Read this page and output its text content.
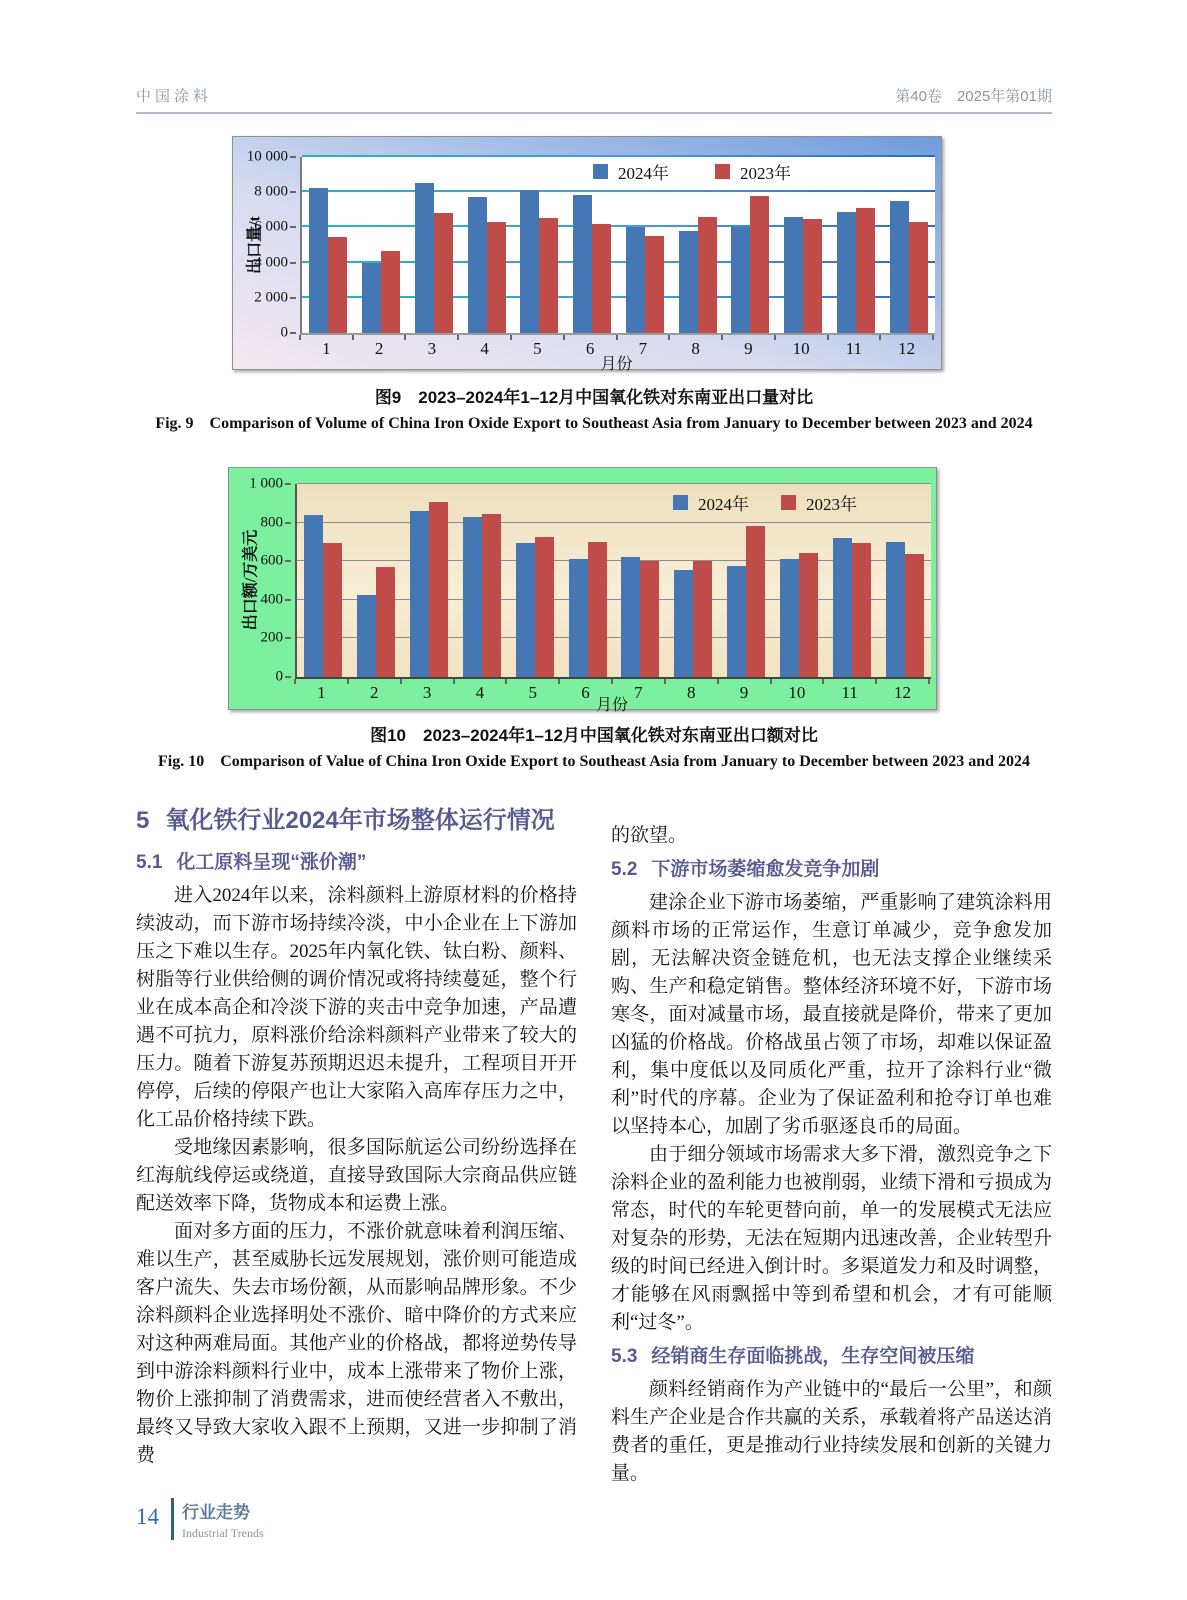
中国涂料	第40卷　2025年第01期
0
2 000
4 000
6 000
8 000
10 000
出口量/t
1	2	3	4	5	6	7	8	9	10	11	12
月份
2024年	2023年

图9　2023–2024年1–12月中国氧化铁对东南亚出口量对比

Fig. 9　Comparison of Volume of China Iron Oxide Export to Southeast Asia from January to December between 2023 and 2024

0
200
400
600
800
1 000
出口额/万美元
1	2	3	4	5	6	7	8	9	10	11	12
月份
2024年	2023年

图10　2023–2024年1–12月中国氧化铁对东南亚出口额对比

Fig. 10　Comparison of Value of China Iron Oxide Export to Southeast Asia from January to December between 2023 and 2024

5 氧化铁行业2024年市场整体运行情况
5.1 化工原料呈现“涨价潮”

进入2024年以来，涂料颜料上游原材料的价格持续波动，而下游市场持续冷淡，中小企业在上下游加压之下难以生存。2025年内氧化铁、钛白粉、颜料、树脂等行业供给侧的调价情况或将持续蔓延，整个行业在成本高企和冷淡下游的夹击中竞争加速，产品遭遇不可抗力，原料涨价给涂料颜料产业带来了较大的压力。随着下游复苏预期迟迟未提升，工程项目开开停停，后续的停限产也让大家陷入高库存压力之中，化工品价格持续下跌。

受地缘因素影响，很多国际航运公司纷纷选择在红海航线停运或绕道，直接导致国际大宗商品供应链配送效率下降，货物成本和运费上涨。

面对多方面的压力，不涨价就意味着利润压缩、难以生产，甚至威胁长远发展规划，涨价则可能造成客户流失、失去市场份额，从而影响品牌形象。不少涂料颜料企业选择明处不涨价、暗中降价的方式来应对这种两难局面。其他产业的价格战，都将逆势传导到中游涂料颜料行业中，成本上涨带来了物价上涨，物价上涨抑制了消费需求，进而使经营者入不敷出，最终又导致大家收入跟不上预期，又进一步抑制了消费

的欲望。

5.2 下游市场萎缩愈发竞争加剧

建涂企业下游市场萎缩，严重影响了建筑涂料用颜料市场的正常运作，生意订单减少，竞争愈发加剧，无法解决资金链危机，也无法支撑企业继续采购、生产和稳定销售。整体经济环境不好，下游市场寒冬，面对减量市场，最直接就是降价，带来了更加凶猛的价格战。价格战虽占领了市场，却难以保证盈利，集中度低以及同质化严重，拉开了涂料行业“微利”时代的序幕。企业为了保证盈利和抢夺订单也难以坚持本心，加剧了劣币驱逐良币的局面。

由于细分领域市场需求大多下滑，激烈竞争之下涂料企业的盈利能力也被削弱，业绩下滑和亏损成为常态，时代的车轮更替向前，单一的发展模式无法应对复杂的形势，无法在短期内迅速改善，企业转型升级的时间已经进入倒计时。多渠道发力和及时调整，才能够在风雨飘摇中等到希望和机会，才有可能顺利“过冬”。

5.3 经销商生存面临挑战，生存空间被压缩

颜料经销商作为产业链中的“最后一公里”，和颜料生产企业是合作共赢的关系，承载着将产品送达消费者的重任，更是推动行业持续发展和创新的关键力量。

14 行业走势
Industrial Trends
